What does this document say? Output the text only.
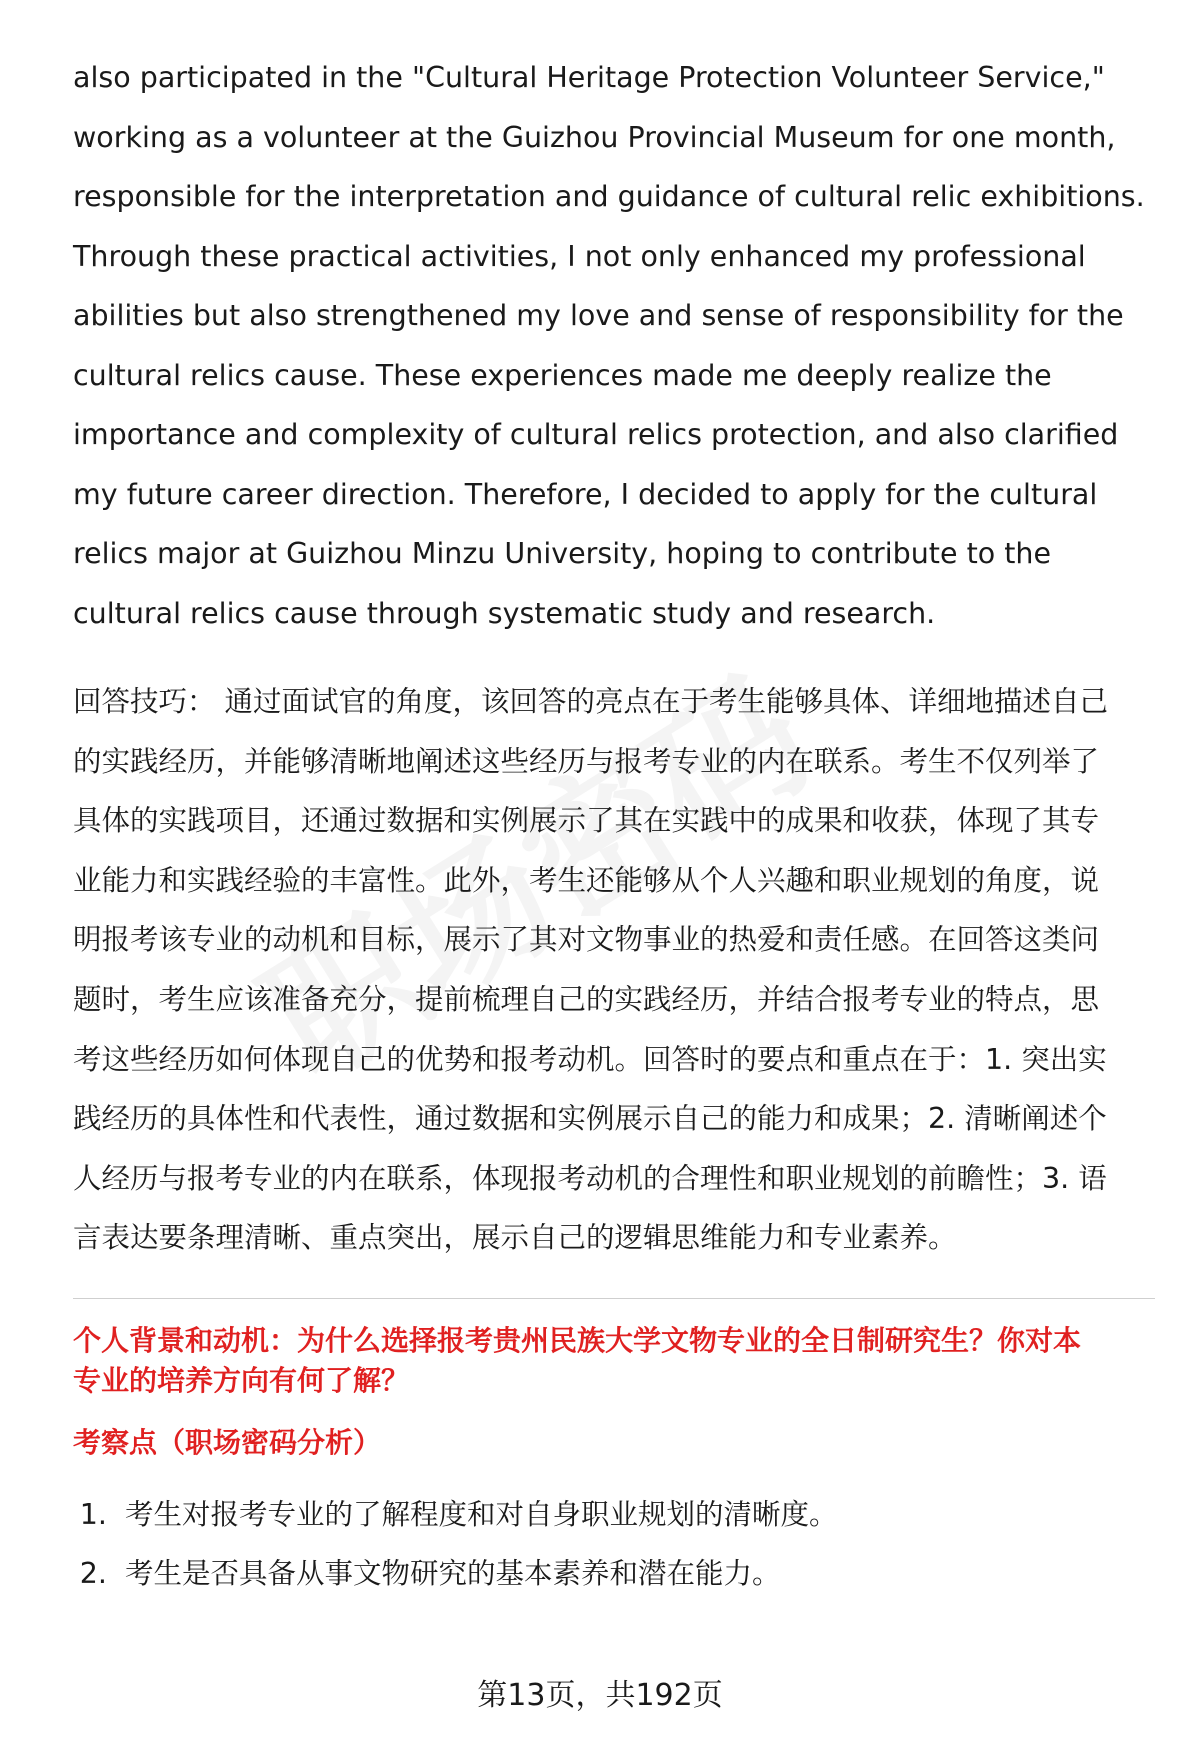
also participated in the "Cultural Heritage Protection Volunteer Service,"
working as a volunteer at the Guizhou Provincial Museum for one month,
responsible for the interpretation and guidance of cultural relic exhibitions.
Through these practical activities, I not only enhanced my professional
abilities but also strengthened my love and sense of responsibility for the
cultural relics cause. These experiences made me deeply realize the
importance and complexity of cultural relics protection, and also clarified
my future career direction. Therefore, I decided to apply for the cultural
relics major at Guizhou Minzu University, hoping to contribute to the
cultural relics cause through systematic study and research.

回答技巧： 通过面试官的角度，该回答的亮点在于考生能够具体、详细地描述自己
的实践经历，并能够清晰地阐述这些经历与报考专业的内在联系。考生不仅列举了
具体的实践项目，还通过数据和实例展示了其在实践中的成果和收获，体现了其专
业能力和实践经验的丰富性。此外，考生还能够从个人兴趣和职业规划的角度，说
明报考该专业的动机和目标，展示了其对文物事业的热爱和责任感。在回答这类问
题时，考生应该准备充分，提前梳理自己的实践经历，并结合报考专业的特点，思
考这些经历如何体现自己的优势和报考动机。回答时的要点和重点在于：1. 突出实
践经历的具体性和代表性，通过数据和实例展示自己的能力和成果；2. 清晰阐述个
人经历与报考专业的内在联系，体现报考动机的合理性和职业规划的前瞻性；3. 语
言表达要条理清晰、重点突出，展示自己的逻辑思维能力和专业素养。

个人背景和动机：为什么选择报考贵州民族大学文物专业的全日制研究生？你对本
专业的培养方向有何了解？
考察点（职场密码分析）
1. 考生对报考专业的了解程度和对自身职业规划的清晰度。
2. 考生是否具备从事文物研究的基本素养和潜在能力。
第13页，共192页
